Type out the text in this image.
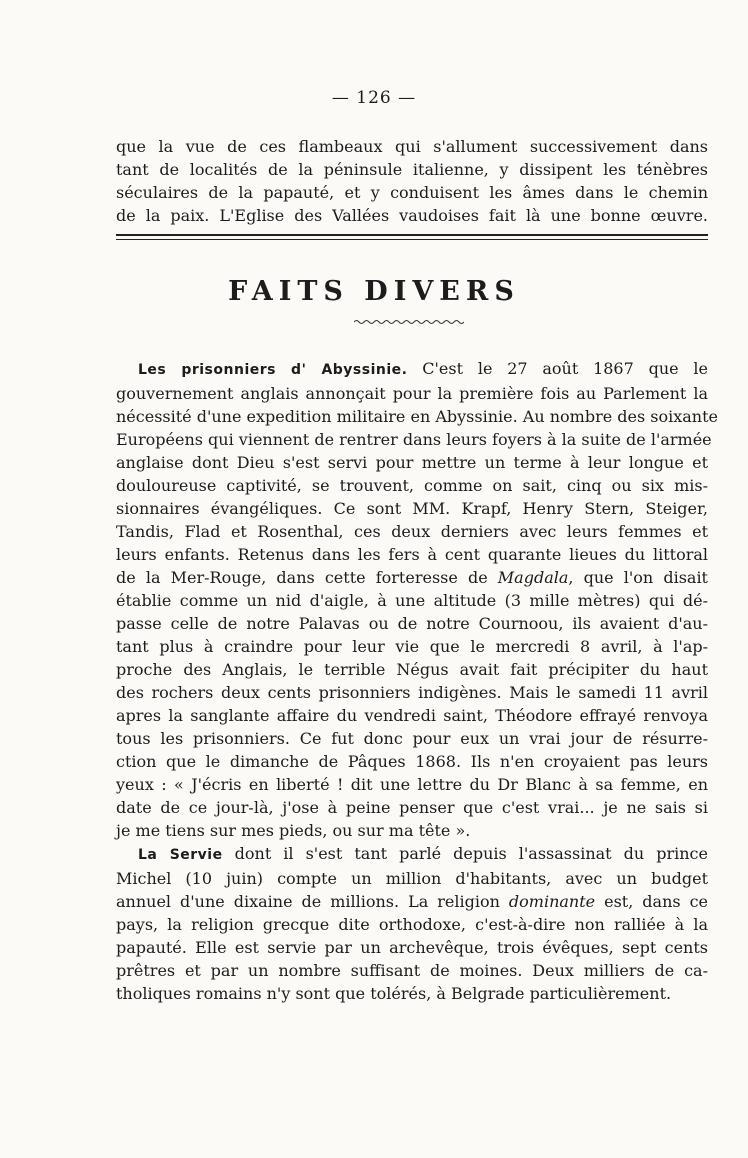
— 126 —
que la vue de ces flambeaux qui s'allument successivement dans
tant de localités de la péninsule italienne, y dissipent les ténèbres
séculaires de la papauté, et y conduisent les âmes dans le chemin
de la paix. L'Eglise des Vallées vaudoises fait là une bonne œuvre.
FAITS DIVERS
Les prisonniers d' Abyssinie. C'est le 27 août 1867 que le
gouvernement anglais annonçait pour la première fois au Parlement la
nécessité d'une expedition militaire en Abyssinie. Au nombre des soixante
Européens qui viennent de rentrer dans leurs foyers à la suite de l'armée
anglaise dont Dieu s'est servi pour mettre un terme à leur longue et
douloureuse captivité, se trouvent, comme on sait, cinq ou six mis-
sionnaires évangéliques. Ce sont MM. Krapf, Henry Stern, Steiger,
Tandis, Flad et Rosenthal, ces deux derniers avec leurs femmes et
leurs enfants. Retenus dans les fers à cent quarante lieues du littoral
de la Mer-Rouge, dans cette forteresse de Magdala, que l'on disait
établie comme un nid d'aigle, à une altitude (3 mille mètres) qui dé-
passe celle de notre Palavas ou de notre Cournoou, ils avaient d'au-
tant plus à craindre pour leur vie que le mercredi 8 avril, à l'ap-
proche des Anglais, le terrible Négus avait fait précipiter du haut
des rochers deux cents prisonniers indigènes. Mais le samedi 11 avril
apres la sanglante affaire du vendredi saint, Théodore effrayé renvoya
tous les prisonniers. Ce fut donc pour eux un vrai jour de résurre-
ction que le dimanche de Pâques 1868. Ils n'en croyaient pas leurs
yeux : « J'écris en liberté ! dit une lettre du Dr Blanc à sa femme, en
date de ce jour-là, j'ose à peine penser que c'est vrai... je ne sais si
je me tiens sur mes pieds, ou sur ma tête ».
La Servie dont il s'est tant parlé depuis l'assassinat du prince
Michel (10 juin) compte un million d'habitants, avec un budget
annuel d'une dixaine de millions. La religion dominante est, dans ce
pays, la religion grecque dite orthodoxe, c'est-à-dire non ralliée à la
papauté. Elle est servie par un archevêque, trois évêques, sept cents
prêtres et par un nombre suffisant de moines. Deux milliers de ca-
tholiques romains n'y sont que tolérés, à Belgrade particulièrement.
